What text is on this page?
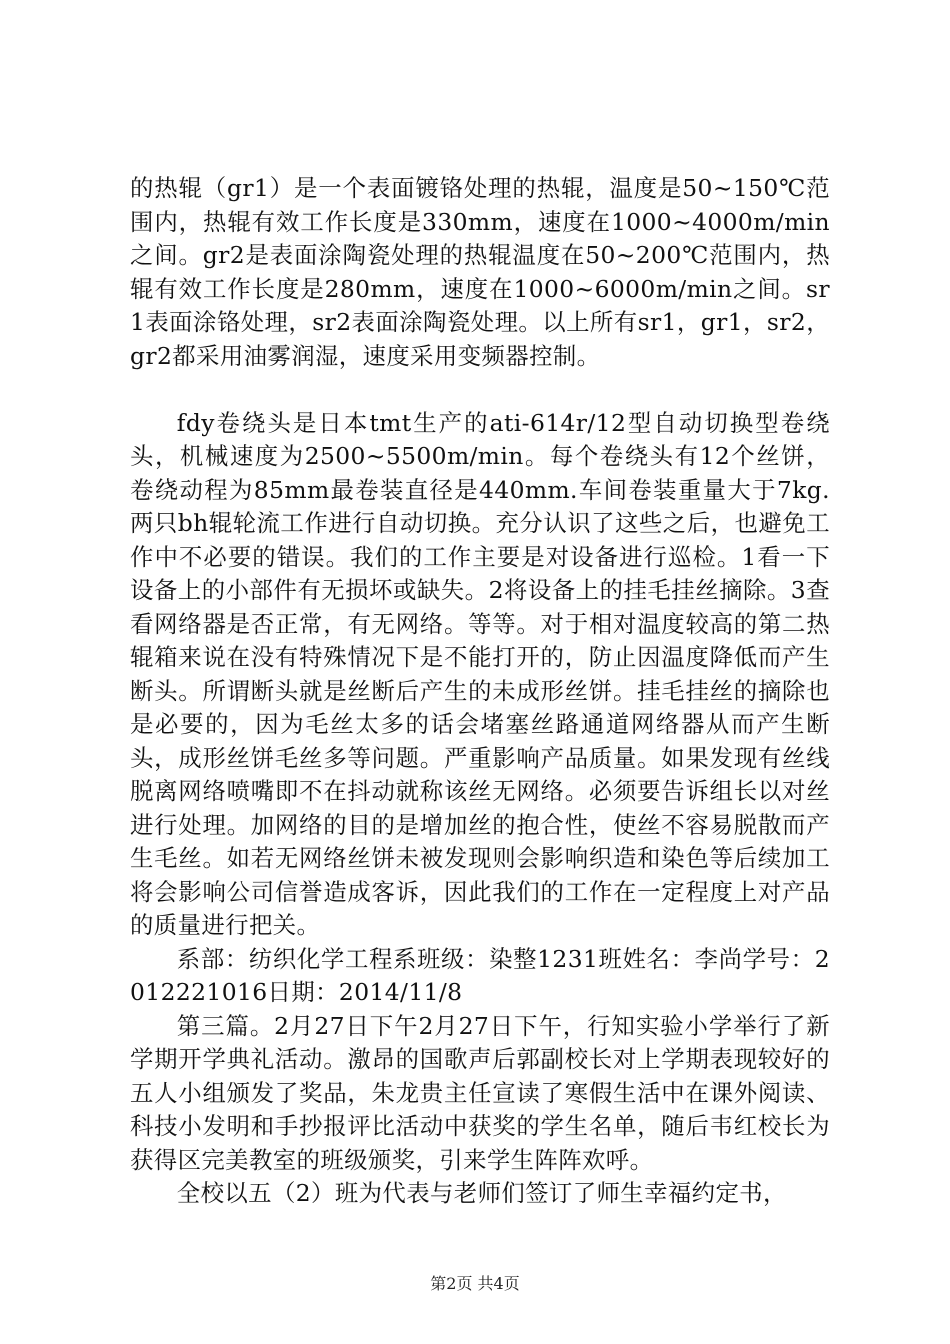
的热辊（gr1）是一个表面镀铬处理的热辊，温度是50~150℃范围内，热辊有效工作长度是330mm，速度在1000~4000m/min之间。gr2是表面涂陶瓷处理的热辊温度在50~200℃范围内，热辊有效工作长度是280mm，速度在1000~6000m/min之间。sr1表面涂铬处理，sr2表面涂陶瓷处理。以上所有sr1，gr1，sr2，gr2都采用油雾润湿，速度采用变频器控制。

fdy卷绕头是日本tmt生产的ati-614r/12型自动切换型卷绕头，机械速度为2500~5500m/min。每个卷绕头有12个丝饼，卷绕动程为85mm最卷装直径是440mm.车间卷装重量大于7kg.两只bh辊轮流工作进行自动切换。充分认识了这些之后，也避免工作中不必要的错误。我们的工作主要是对设备进行巡检。1看一下设备上的小部件有无损坏或缺失。2将设备上的挂毛挂丝摘除。3查看网络器是否正常，有无网络。等等。对于相对温度较高的第二热辊箱来说在没有特殊情况下是不能打开的，防止因温度降低而产生断头。所谓断头就是丝断后产生的未成形丝饼。挂毛挂丝的摘除也是必要的，因为毛丝太多的话会堵塞丝路通道网络器从而产生断头，成形丝饼毛丝多等问题。严重影响产品质量。如果发现有丝线脱离网络喷嘴即不在抖动就称该丝无网络。必须要告诉组长以对丝进行处理。加网络的目的是增加丝的抱合性，使丝不容易脱散而产生毛丝。如若无网络丝饼未被发现则会影响织造和染色等后续加工将会影响公司信誉造成客诉，因此我们的工作在一定程度上对产品的质量进行把关。

系部：纺织化学工程系班级：染整1231班姓名：李尚学号：2012221016日期：2014/11/8

第三篇。2月27日下午2月27日下午，行知实验小学举行了新学期开学典礼活动。激昂的国歌声后郭副校长对上学期表现较好的五人小组颁发了奖品，朱龙贵主任宣读了寒假生活中在课外阅读、科技小发明和手抄报评比活动中获奖的学生名单，随后韦红校长为获得区完美教室的班级颁奖，引来学生阵阵欢呼。

全校以五（2）班为代表与老师们签订了师生幸福约定书，

第2页 共4页
